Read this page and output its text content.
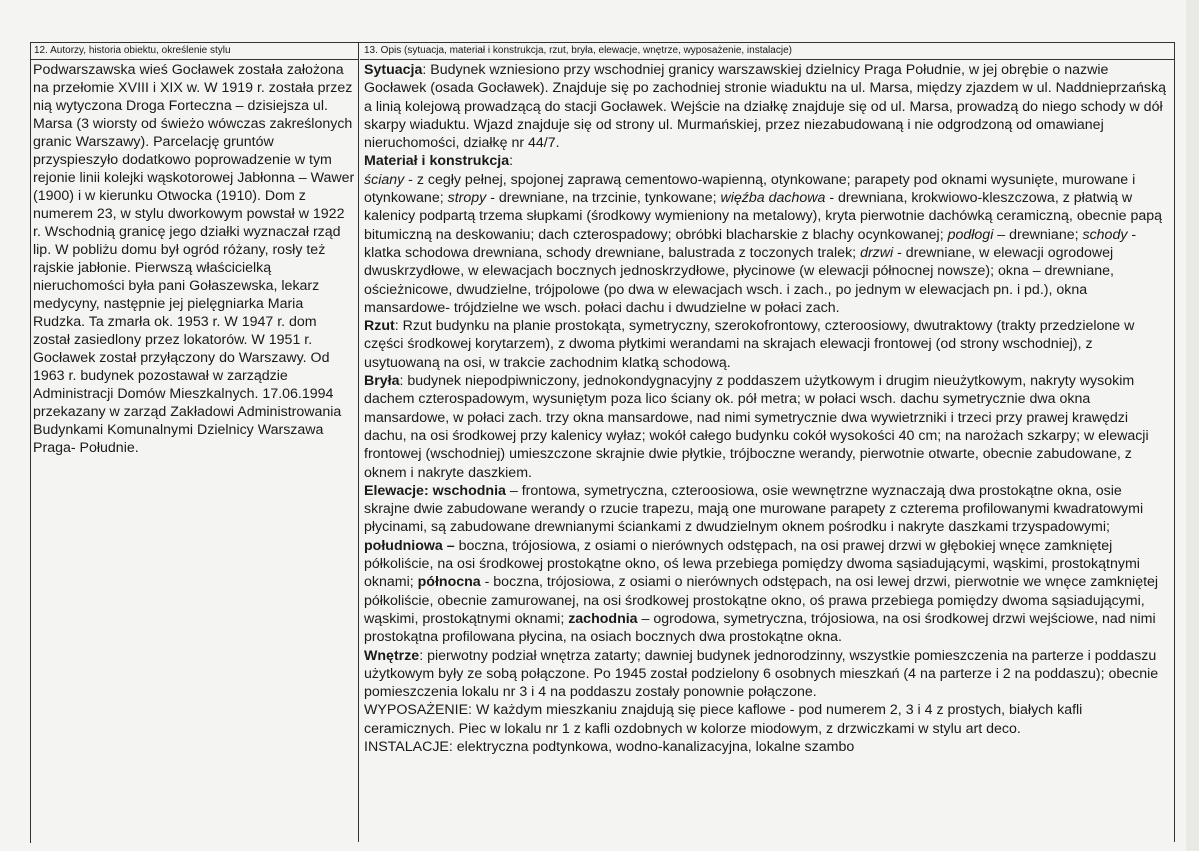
12. Autorzy, historia obiektu, określenie stylu
Podwarszawska wieś Gocławek została założona na przełomie XVIII i XIX w. W 1919 r. została przez nią wytyczona Droga Forteczna – dzisiejsza ul. Marsa (3 wiorsty od świeżo wówczas zakreślonych granic Warszawy). Parcelację gruntów przyspieszyło dodatkowo poprowadzenie w tym rejonie linii kolejki wąskotorowej Jabłonna – Wawer (1900) i w kierunku Otwocka (1910). Dom z numerem 23, w stylu dworkowym powstał w 1922 r. Wschodnią granicę jego działki wyznaczał rząd lip. W pobliżu domu był ogród różany, rosły też rajskie jabłonie. Pierwszą właścicielką nieruchomości była pani Gołaszewska, lekarz medycyny, następnie jej pielęgniarka Maria Rudzka. Ta zmarła ok. 1953 r. W 1947 r. dom został zasiedlony przez lokatorów. W 1951 r. Gocławek został przyłączony do Warszawy. Od 1963 r. budynek pozostawał w zarządzie Administracji Domów Mieszkalnych. 17.06.1994 przekazany w zarząd Zakładowi Administrowania Budynkami Komunalnymi Dzielnicy Warszawa Praga- Południe.
13. Opis (sytuacja, materiał i konstrukcja, rzut, bryła, elewacje, wnętrze, wyposażenie, instalacje)
Sytuacja: Budynek wzniesiono przy wschodniej granicy warszawskiej dzielnicy Praga Południe, w jej obrębie o nazwie Gocławek (osada Gocławek). Znajduje się po zachodniej stronie wiaduktu na ul. Marsa, między zjazdem w ul. Naddnieprzańską a linią kolejową prowadzącą do stacji Gocławek. Wejście na działkę znajduje się od ul. Marsa, prowadzą do niego schody w dół skarpy wiaduktu. Wjazd znajduje się od strony ul. Murmańskiej, przez niezabudowaną i nie odgrodzoną od omawianej nieruchomości, działkę nr 44/7.
Materiał i konstrukcja:
ściany - z cegły pełnej, spojonej zaprawą cementowo-wapienną, otynkowane; parapety pod oknami wysunięte, murowane i otynkowane; stropy - drewniane, na trzcinie, tynkowane; więźba dachowa - drewniana, krokwiowo-kleszczowa, z płatwią w kalenicy podpartą trzema słupkami (środkowy wymieniony na metalowy), kryta pierwotnie dachówką ceramiczną, obecnie papą bitumiczną na deskowaniu; dach czterospadowy; obróbki blacharskie z blachy ocynkowanej; podłogi – drewniane; schody - klatka schodowa drewniana, schody drewniane, balustrada z toczonych tralek; drzwi - drewniane, w elewacji ogrodowej dwuskrzydłowe, w elewacjach bocznych jednoskrzydłowe, płycinowe (w elewacji północnej nowsze); okna – drewniane, ościeżnicowe, dwudzielne, trójpolowe (po dwa w elewacjach wsch. i zach., po jednym w elewacjach pn. i pd.), okna mansardowe- trójdzielne we wsch. połaci dachu i dwudzielne w połaci zach.
Rzut: Rzut budynku na planie prostokąta, symetryczny, szerokofrontowy, czteroosiowy, dwutraktowy (trakty przedzielone w części środkowej korytarzem), z dwoma płytkimi werandami na skrajach elewacji frontowej (od strony wschodniej), z usytuowaną na osi, w trakcie zachodnim klatką schodową.
Bryła: budynek niepodpiwniczony, jednokondygnacyjny z poddaszem użytkowym i drugim nieużytkowym, nakryty wysokim dachem czterospadowym, wysuniętym poza lico ściany ok. pół metra; w połaci wsch. dachu symetrycznie dwa okna mansardowe, w połaci zach. trzy okna mansardowe, nad nimi symetrycznie dwa wywietrzniki i trzeci przy prawej krawędzi dachu, na osi środkowej przy kalenicy wyłaz; wokół całego budynku cokół wysokości 40 cm; na narożach szkarpy; w elewacji frontowej (wschodniej) umieszczone skrajnie dwie płytkie, trójboczne werandy, pierwotnie otwarte, obecnie zabudowane, z oknem i nakryte daszkiem.
Elewacje: wschodnia – frontowa, symetryczna, czteroosiowa, osie wewnętrzne wyznaczają dwa prostokątne okna, osie skrajne dwie zabudowane werandy o rzucie trapezu, mają one murowane parapety z czterema profilowanymi kwadratowymi płycinami, są zabudowane drewnianymi ściankami z dwudzielnym oknem pośrodku i nakryte daszkami trzyspadowymi; południowa – boczna, trójosiowa, z osiami o nierównych odstępach, na osi prawej drzwi w głębokiej wnęce zamkniętej półkoliście, na osi środkowej prostokątne okno, oś lewa przebiega pomiędzy dwoma sąsiadującymi, wąskimi, prostokątnymi oknami; północna - boczna, trójosiowa, z osiami o nierównych odstępach, na osi lewej drzwi, pierwotnie we wnęce zamkniętej półkoliście, obecnie zamurowanej, na osi środkowej prostokątne okno, oś prawa przebiega pomiędzy dwoma sąsiadującymi, wąskimi, prostokątnymi oknami; zachodnia – ogrodowa, symetryczna, trójosiowa, na osi środkowej drzwi wejściowe, nad nimi prostokątna profilowana płycina, na osiach bocznych dwa prostokątne okna.
Wnętrze: pierwotny podział wnętrza zatarty; dawniej budynek jednorodzinny, wszystkie pomieszczenia na parterze i poddaszu użytkowym były ze sobą połączone. Po 1945 został podzielony 6 osobnych mieszkań (4 na parterze i 2 na poddaszu); obecnie pomieszczenia lokalu nr 3 i 4 na poddaszu zostały ponownie połączone.
WYPOSAŻENIE: W każdym mieszkaniu znajdują się piece kaflowe - pod numerem 2, 3 i 4 z prostych, białych kafli ceramicznych. Piec w lokalu nr 1 z kafli ozdobnych w kolorze miodowym, z drzwiczkami w stylu art deco.
INSTALACJE: elektryczna podtynkowa, wodno-kanalizacyjna, lokalne szambo
